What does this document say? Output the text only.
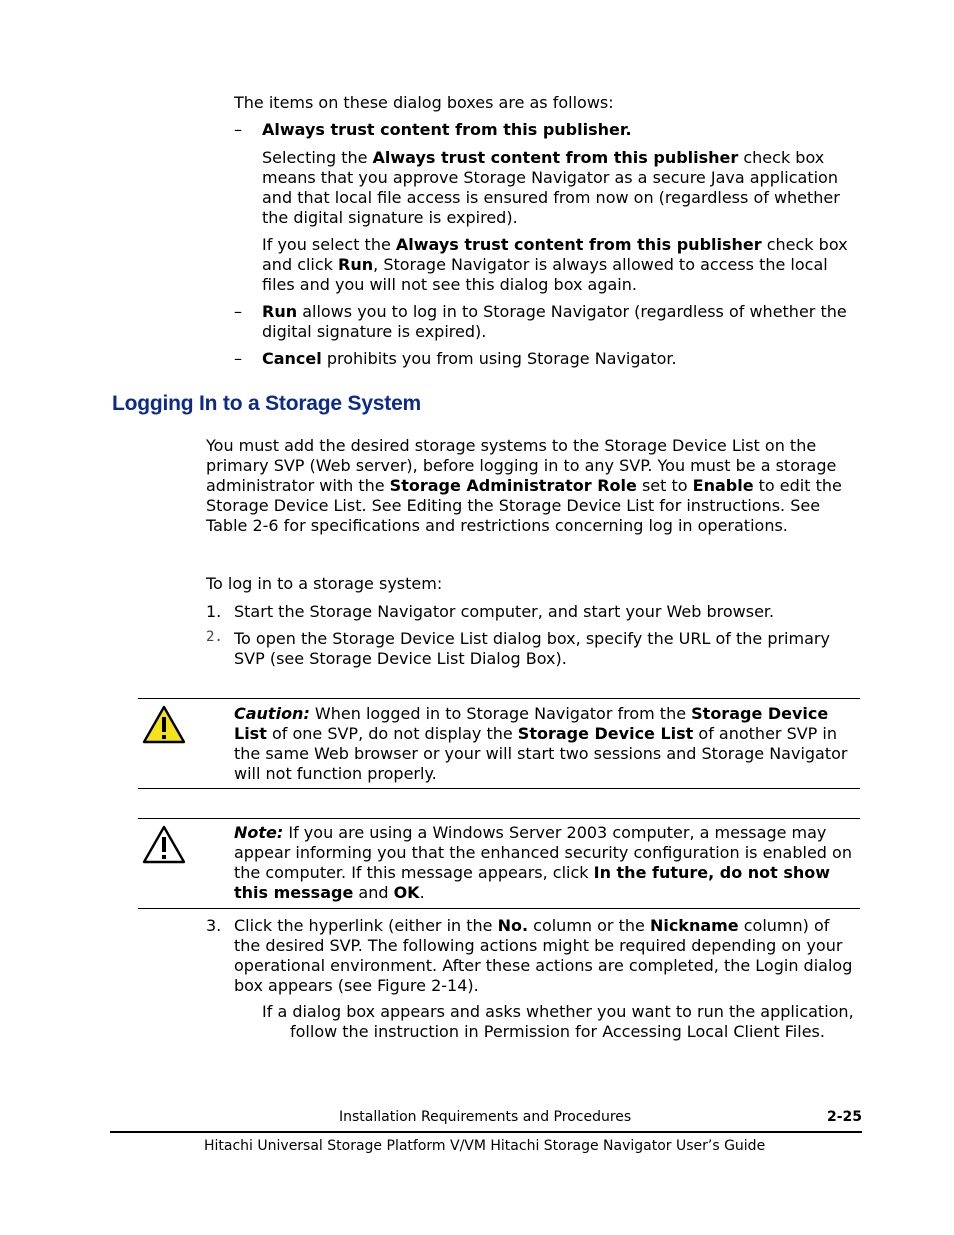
The items on these dialog boxes are as follows:

– Always trust content from this publisher.

Selecting the Always trust content from this publisher check box means that you approve Storage Navigator as a secure Java application and that local file access is ensured from now on (regardless of whether the digital signature is expired).

If you select the Always trust content from this publisher check box and click Run, Storage Navigator is always allowed to access the local files and you will not see this dialog box again.

– Run allows you to log in to Storage Navigator (regardless of whether the digital signature is expired).

– Cancel prohibits you from using Storage Navigator.

Logging In to a Storage System

You must add the desired storage systems to the Storage Device List on the primary SVP (Web server), before logging in to any SVP. You must be a storage administrator with the Storage Administrator Role set to Enable to edit the Storage Device List. See Editing the Storage Device List for instructions. See Table 2-6 for specifications and restrictions concerning log in operations.

To log in to a storage system:

1. Start the Storage Navigator computer, and start your Web browser.

2. To open the Storage Device List dialog box, specify the URL of the primary SVP (see Storage Device List Dialog Box).

Caution: When logged in to Storage Navigator from the Storage Device List of one SVP, do not display the Storage Device List of another SVP in the same Web browser or your will start two sessions and Storage Navigator will not function properly.

Note: If you are using a Windows Server 2003 computer, a message may appear informing you that the enhanced security configuration is enabled on the computer. If this message appears, click In the future, do not show this message and OK.

3. Click the hyperlink (either in the No. column or the Nickname column) of the desired SVP. The following actions might be required depending on your operational environment. After these actions are completed, the Login dialog box appears (see Figure 2-14).

If a dialog box appears and asks whether you want to run the application, follow the instruction in Permission for Accessing Local Client Files.

Installation Requirements and Procedures	2-25
Hitachi Universal Storage Platform V/VM Hitachi Storage Navigator User’s Guide
